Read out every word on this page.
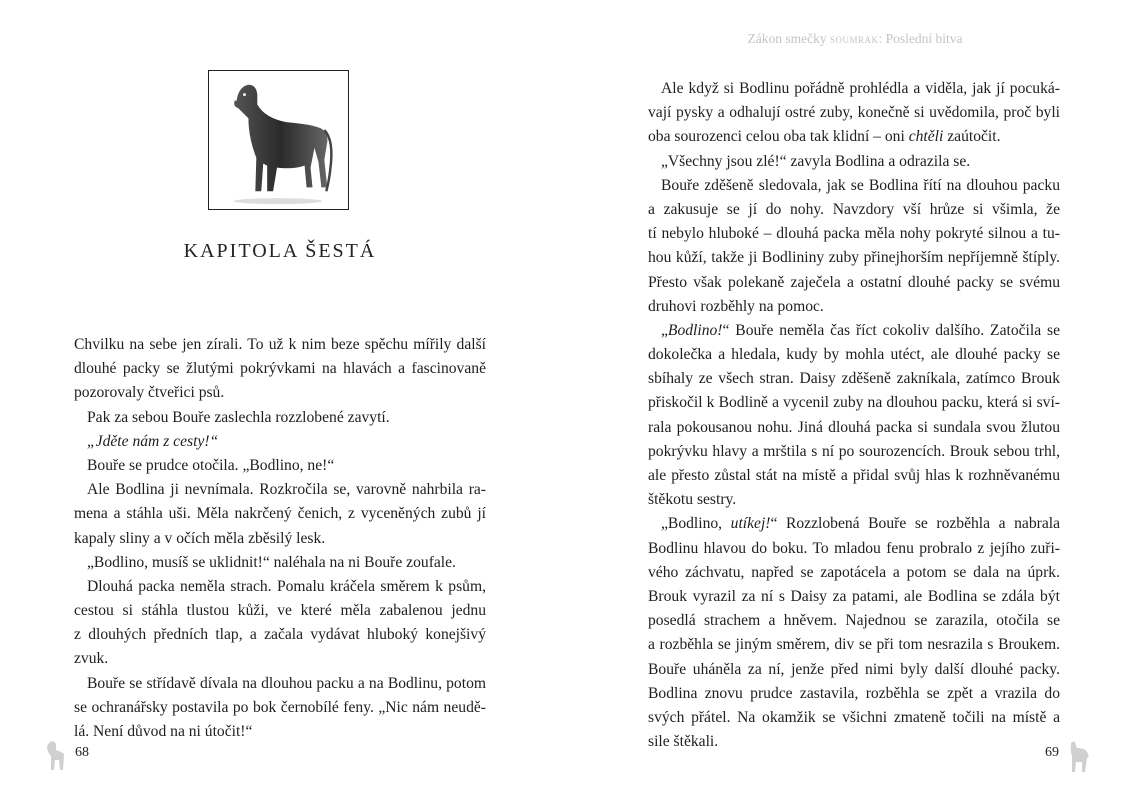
Zákon smečky soumrak: Poslední bitva
KAPITOLA ŠESTÁ
Chvilku na sebe jen zírali. To už k nim beze spěchu mířily další
dlouhé packy se žlutými pokrývkami na hlavách a fascinovaně
pozorovaly čtveřici psů.
Pak za sebou Bouře zaslechla rozzlobené zavytí.
„Jděte nám z cesty!“
Bouře se prudce otočila. „Bodlino, ne!“
Ale Bodlina ji nevnímala. Rozkročila se, varovně nahrbila ra-
mena a stáhla uši. Měla nakrčený čenich, z vyceněných zubů jí
kapaly sliny a v očích měla zběsilý lesk.
„Bodlino, musíš se uklidnit!“ naléhala na ni Bouře zoufale.
Dlouhá packa neměla strach. Pomalu kráčela směrem k psům,
cestou si stáhla tlustou kůži, ve které měla zabalenou jednu
z dlouhých předních tlap, a začala vydávat hluboký konejšivý
zvuk.
Bouře se střídavě dívala na dlouhou packu a na Bodlinu, potom
se ochranářsky postavila po bok černobílé feny. „Nic nám neudě-
lá. Není důvod na ni útočit!“
Ale když si Bodlinu pořádně prohlédla a viděla, jak jí pocuká-
vají pysky a odhalují ostré zuby, konečně si uvědomila, proč byli
oba sourozenci celou oba tak klidní – oni chtěli zaútočit.
„Všechny jsou zlé!“ zavyla Bodlina a odrazila se.
Bouře zděšeně sledovala, jak se Bodlina řítí na dlouhou packu
a zakusuje se jí do nohy. Navzdory vší hrůze si všimla, že
tí nebylo hluboké – dlouhá packa měla nohy pokryté silnou a tu-
hou kůží, takže ji Bodlininy zuby přinejhorším nepříjemně štíply.
Přesto však polekaně zaječela a ostatní dlouhé packy se svému
druhovi rozběhly na pomoc.
„Bodlino!“ Bouře neměla čas říct cokoliv dalšího. Zatočila se
dokolečka a hledala, kudy by mohla utéct, ale dlouhé packy se
sbíhaly ze všech stran. Daisy zděšeně zakníkala, zatímco Brouk
přiskočil k Bodlině a vycenil zuby na dlouhou packu, která si sví-
rala pokousanou nohu. Jiná dlouhá packa si sundala svou žlutou
pokrývku hlavy a mrštila s ní po sourozencích. Brouk sebou trhl,
ale přesto zůstal stát na místě a přidal svůj hlas k rozhněvanému
štěkotu sestry.
„Bodlino, utíkej!“ Rozzlobená Bouře se rozběhla a nabrala
Bodlinu hlavou do boku. To mladou fenu probralo z jejího zuři-
vého záchvatu, napřed se zapotácela a potom se dala na úprk.
Brouk vyrazil za ní s Daisy za patami, ale Bodlina se zdála být
posedlá strachem a hněvem. Najednou se zarazila, otočila se
a rozběhla se jiným směrem, div se při tom nesrazila s Broukem.
Bouře uháněla za ní, jenže před nimi byly další dlouhé packy.
Bodlina znovu prudce zastavila, rozběhla se zpět a vrazila do
svých přátel. Na okamžik se všichni zmateně točili na místě a
sile štěkali.
68	69
